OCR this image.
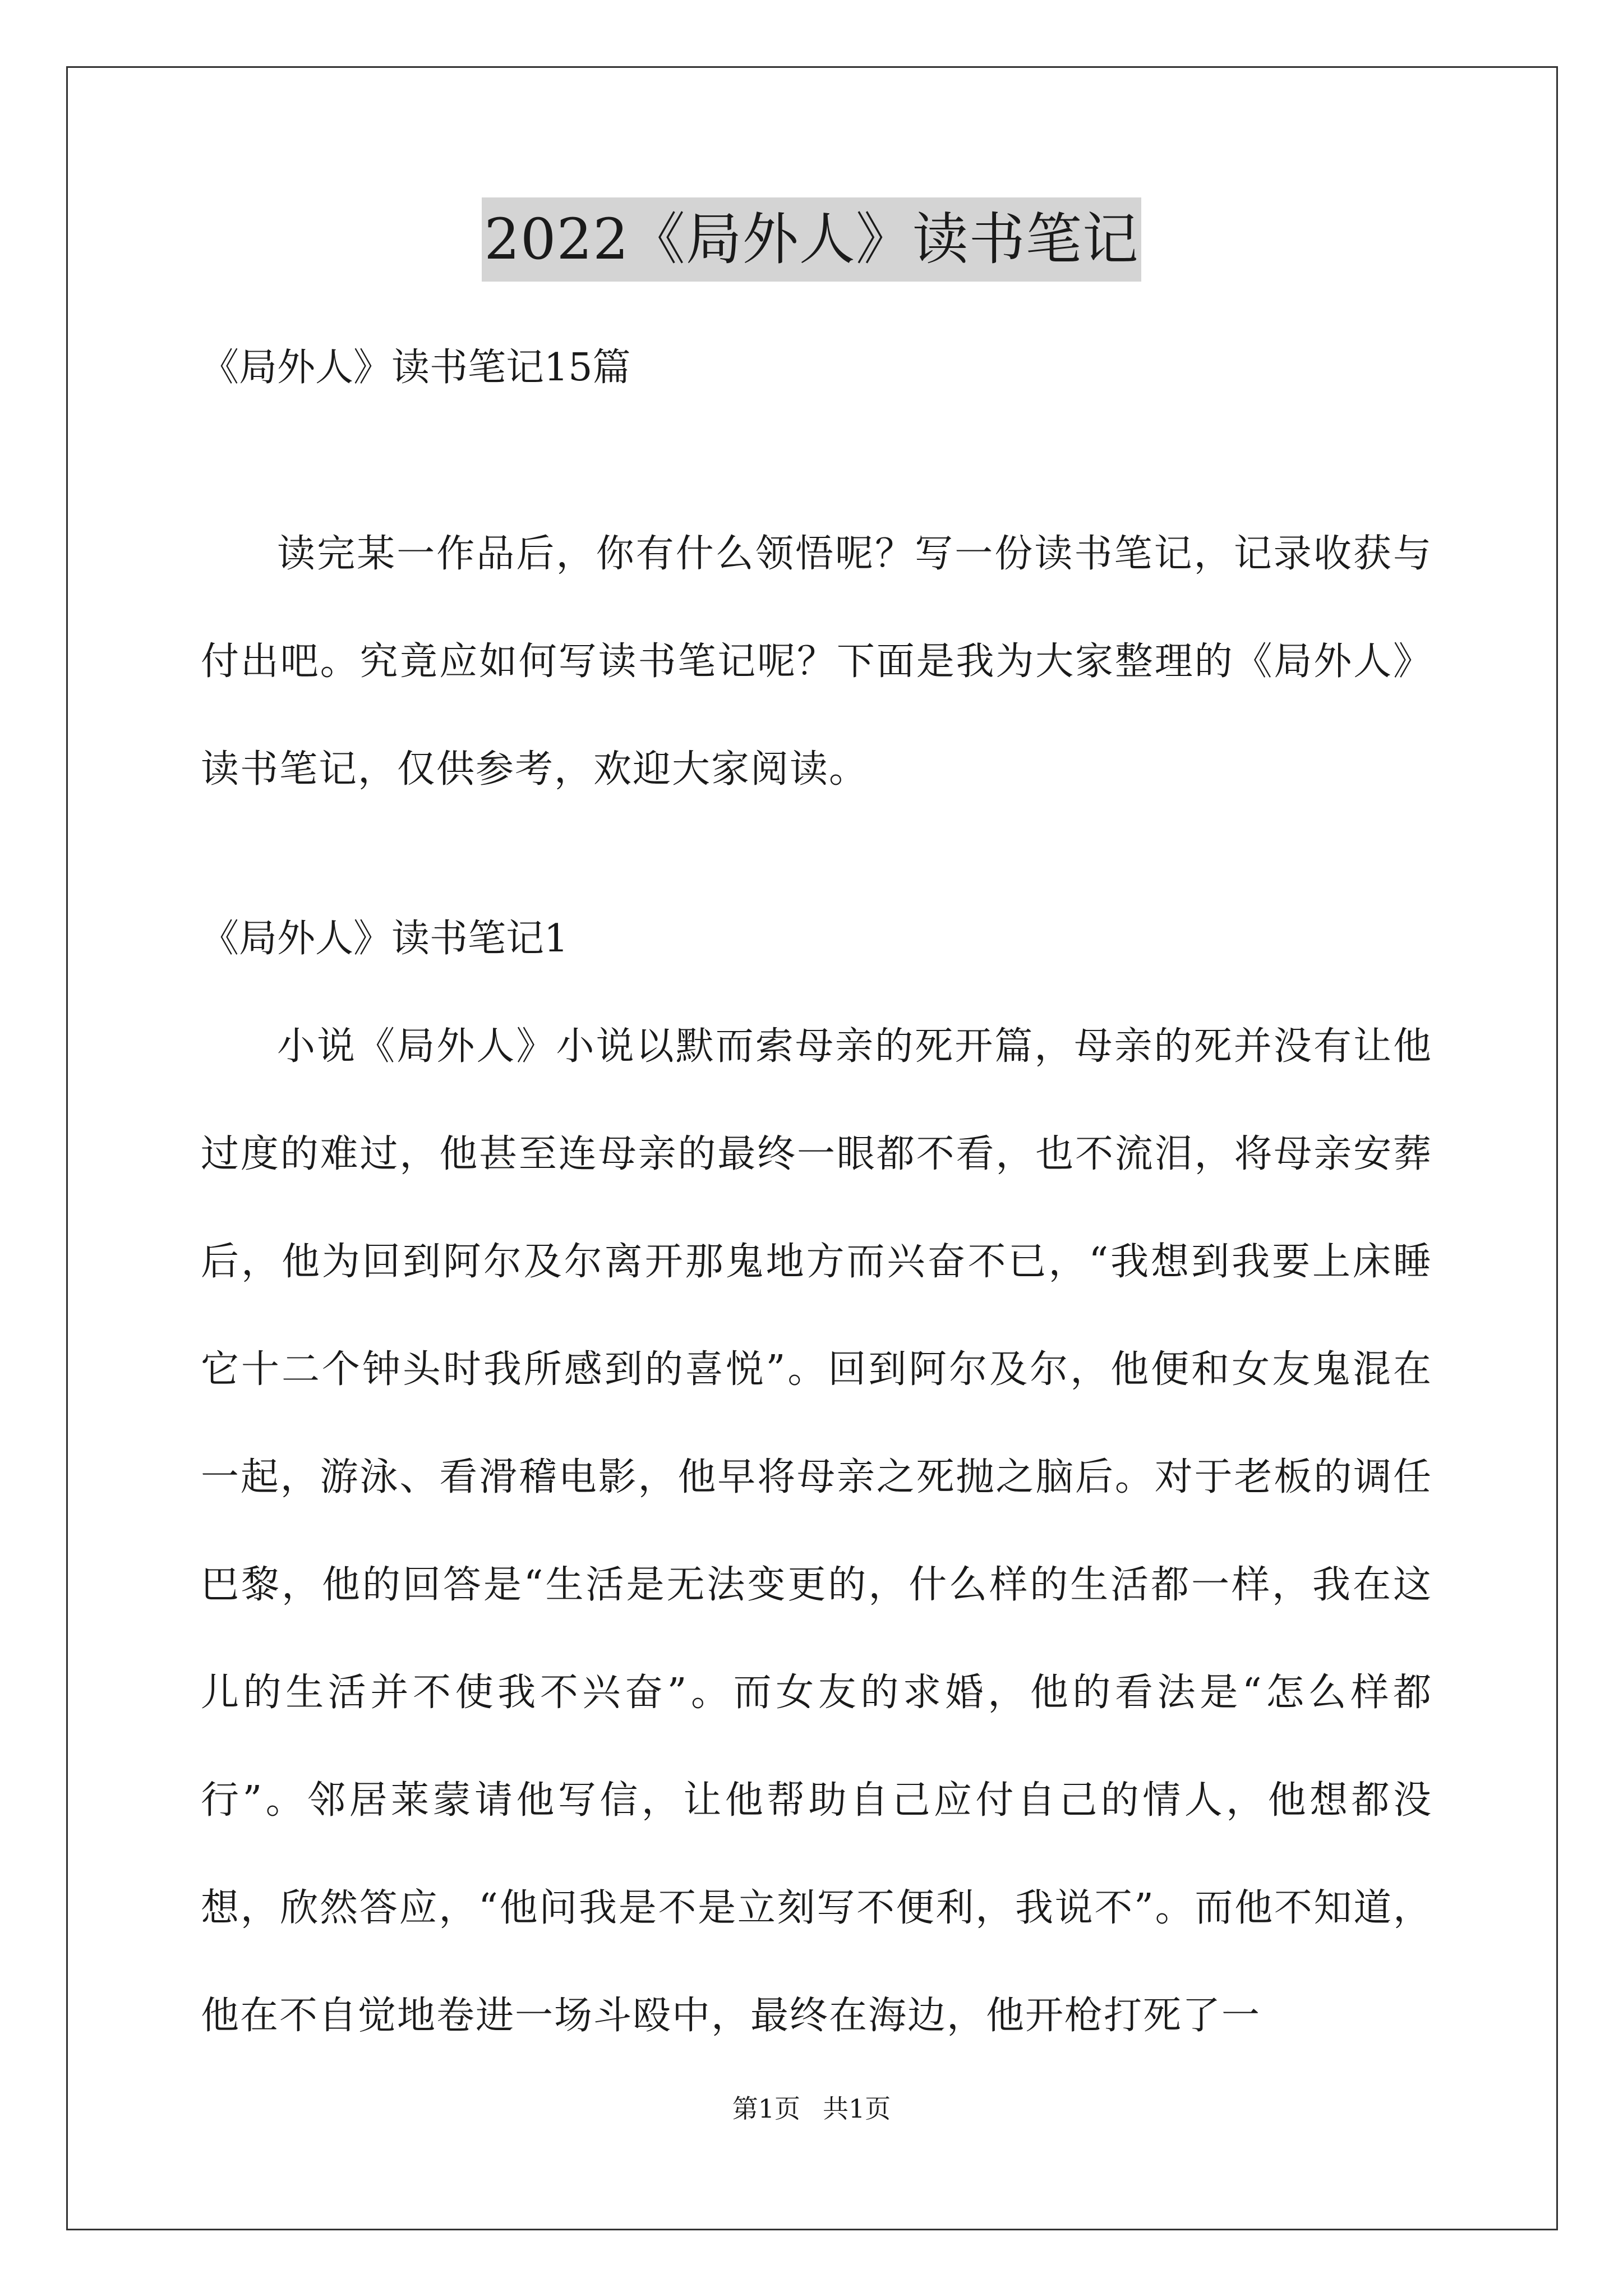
2022《局外人》读书笔记

《局外人》读书笔记15篇

读完某一作品后，你有什么领悟呢？写一份读书笔记，记录收获与付出吧。究竟应如何写读书笔记呢？下面是我为大家整理的《局外人》读书笔记，仅供参考，欢迎大家阅读。

《局外人》读书笔记1

小说《局外人》小说以默而索母亲的死开篇，母亲的死并没有让他过度的难过，他甚至连母亲的最终一眼都不看，也不流泪，将母亲安葬后，他为回到阿尔及尔离开那鬼地方而兴奋不已，“我想到我要上床睡它十二个钟头时我所感到的喜悦”。回到阿尔及尔，他便和女友鬼混在一起，游泳、看滑稽电影，他早将母亲之死抛之脑后。对于老板的调任巴黎，他的回答是“生活是无法变更的，什么样的生活都一样，我在这儿的生活并不使我不兴奋”。而女友的求婚，他的看法是“怎么样都行”。邻居莱蒙请他写信，让他帮助自己应付自己的情人，他想都没想，欣然答应，“他问我是不是立刻写不便利，我说不”。而他不知道，他在不自觉地卷进一场斗殴中，最终在海边，他开枪打死了一

第1页 共1页
